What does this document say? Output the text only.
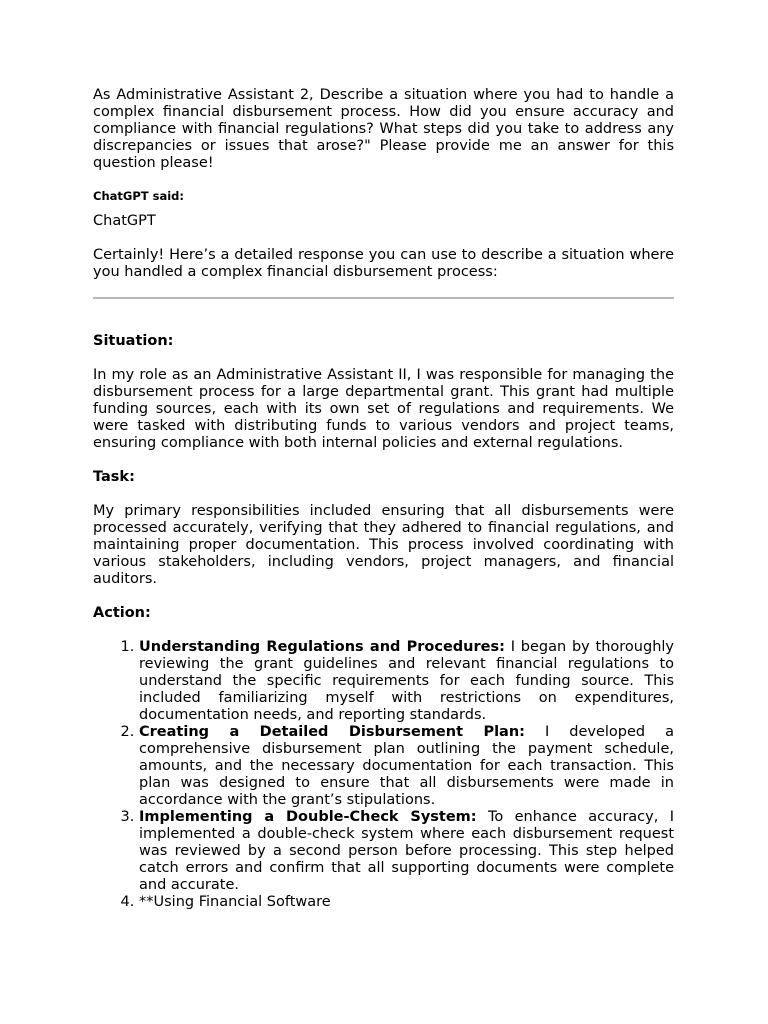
As Administrative Assistant 2, Describe a situation where you had to handle a complex financial disbursement process. How did you ensure accuracy and compliance with financial regulations? What steps did you take to address any discrepancies or issues that arose?" Please provide me an answer for this question please!

ChatGPT said:

ChatGPT

Certainly! Here’s a detailed response you can use to describe a situation where you handled a complex financial disbursement process:

Situation:

In my role as an Administrative Assistant II, I was responsible for managing the disbursement process for a large departmental grant. This grant had multiple funding sources, each with its own set of regulations and requirements. We were tasked with distributing funds to various vendors and project teams, ensuring compliance with both internal policies and external regulations.

Task:

My primary responsibilities included ensuring that all disbursements were processed accurately, verifying that they adhered to financial regulations, and maintaining proper documentation. This process involved coordinating with various stakeholders, including vendors, project managers, and financial auditors.

Action:

1. Understanding Regulations and Procedures: I began by thoroughly reviewing the grant guidelines and relevant financial regulations to understand the specific requirements for each funding source. This included familiarizing myself with restrictions on expenditures, documentation needs, and reporting standards.
2. Creating a Detailed Disbursement Plan: I developed a comprehensive disbursement plan outlining the payment schedule, amounts, and the necessary documentation for each transaction. This plan was designed to ensure that all disbursements were made in accordance with the grant’s stipulations.
3. Implementing a Double-Check System: To enhance accuracy, I implemented a double-check system where each disbursement request was reviewed by a second person before processing. This step helped catch errors and confirm that all supporting documents were complete and accurate.
4. **Using Financial Software
